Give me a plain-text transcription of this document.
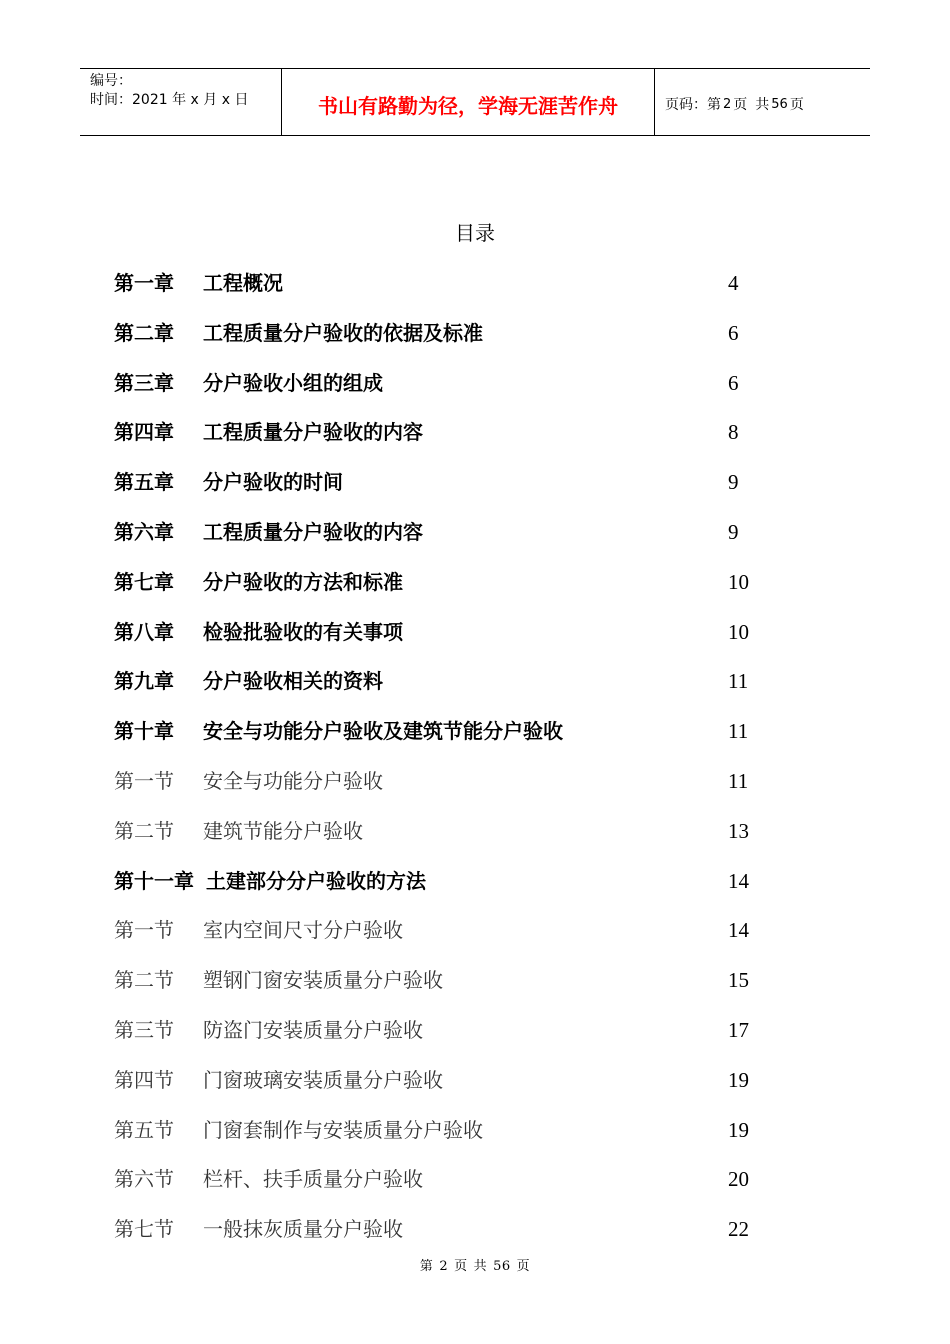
编号：
时间：2021 年 x 月 x 日	书山有路勤为径，学海无涯苦作舟	页码：第 2 页 共 56 页
目录
第一章 工程概况	4
第二章 工程质量分户验收的依据及标准	6
第三章 分户验收小组的组成	6
第四章 工程质量分户验收的内容	8
第五章 分户验收的时间	9
第六章 工程质量分户验收的内容	9
第七章 分户验收的方法和标准	10
第八章 检验批验收的有关事项	10
第九章 分户验收相关的资料	11
第十章 安全与功能分户验收及建筑节能分户验收	11
第一节 安全与功能分户验收	11
第二节 建筑节能分户验收	13
第十一章 土建部分分户验收的方法	14
第一节 室内空间尺寸分户验收	14
第二节 塑钢门窗安装质量分户验收	15
第三节 防盗门安装质量分户验收	17
第四节 门窗玻璃安装质量分户验收	19
第五节 门窗套制作与安装质量分户验收	19
第六节 栏杆、扶手质量分户验收	20
第七节 一般抹灰质量分户验收	22
第 2 页 共 56 页
